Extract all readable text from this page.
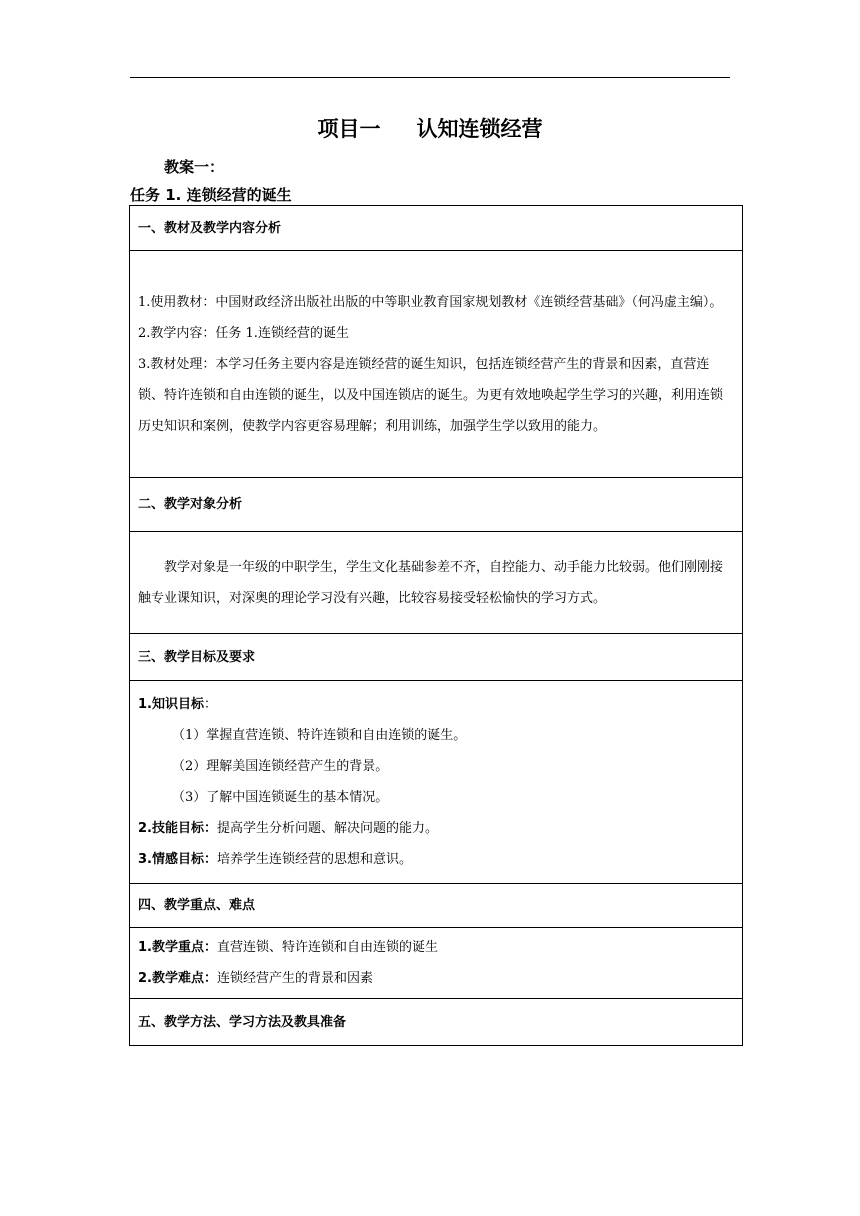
项目一 认知连锁经营
教案一：
任务 1. 连锁经营的诞生
一、教材及教学内容分析

1.使用教材：中国财政经济出版社出版的中等职业教育国家规划教材《连锁经营基础》（何冯虚主编）。
2.教学内容：任务 1.连锁经营的诞生
3.教材处理：本学习任务主要内容是连锁经营的诞生知识，包括连锁经营产生的背景和因素，直营连锁、特许连锁和自由连锁的诞生，以及中国连锁店的诞生。为更有效地唤起学生学习的兴趣，利用连锁历史知识和案例，使教学内容更容易理解；利用训练，加强学生学以致用的能力。

二、教学对象分析

教学对象是一年级的中职学生，学生文化基础参差不齐，自控能力、动手能力比较弱。他们刚刚接触专业课知识，对深奥的理论学习没有兴趣，比较容易接受轻松愉快的学习方式。

三、教学目标及要求

1.知识目标：
（1）掌握直营连锁、特许连锁和自由连锁的诞生。
（2）理解美国连锁经营产生的背景。
（3）了解中国连锁诞生的基本情况。
2.技能目标：提高学生分析问题、解决问题的能力。
3.情感目标：培养学生连锁经营的思想和意识。

四、教学重点、难点

1.教学重点：直营连锁、特许连锁和自由连锁的诞生
2.教学难点：连锁经营产生的背景和因素

五、教学方法、学习方法及教具准备
